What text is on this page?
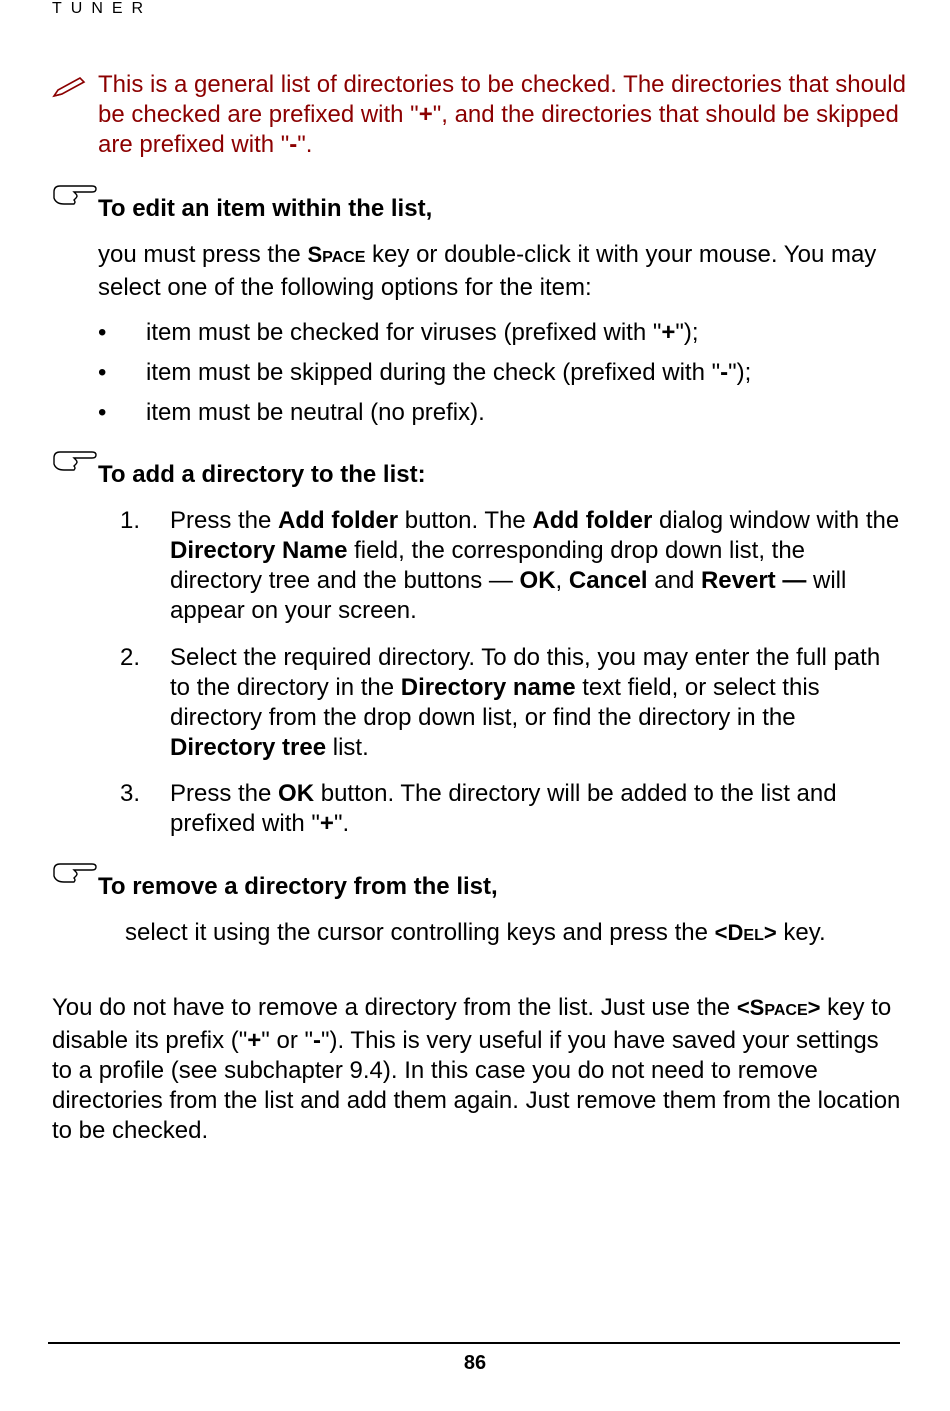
TUNER
This is a general list of directories to be checked. The directories that should be checked are prefixed with "+", and the directories that should be skipped are prefixed with "-".
To edit an item within the list,
you must press the SPACE key or double-click it with your mouse. You may select one of the following options for the item:
• item must be checked for viruses (prefixed with "+");
• item must be skipped during the check (prefixed with "-");
• item must be neutral (no prefix).
To add a directory to the list:
1. Press the Add folder button. The Add folder dialog window with the Directory Name field, the corresponding drop down list, the directory tree and the buttons — OK, Cancel and Revert — will appear on your screen.
2. Select the required directory. To do this, you may enter the full path to the directory in the Directory name text field, or select this directory from the drop down list, or find the directory in the Directory tree list.
3. Press the OK button. The directory will be added to the list and prefixed with "+".
To remove a directory from the list,
select it using the cursor controlling keys and press the <DEL> key.
You do not have to remove a directory from the list. Just use the <SPACE> key to disable its prefix ("+" or "-"). This is very useful if you have saved your settings to a profile (see subchapter 9.4). In this case you do not need to remove directories from the list and add them again. Just remove them from the location to be checked.
86
